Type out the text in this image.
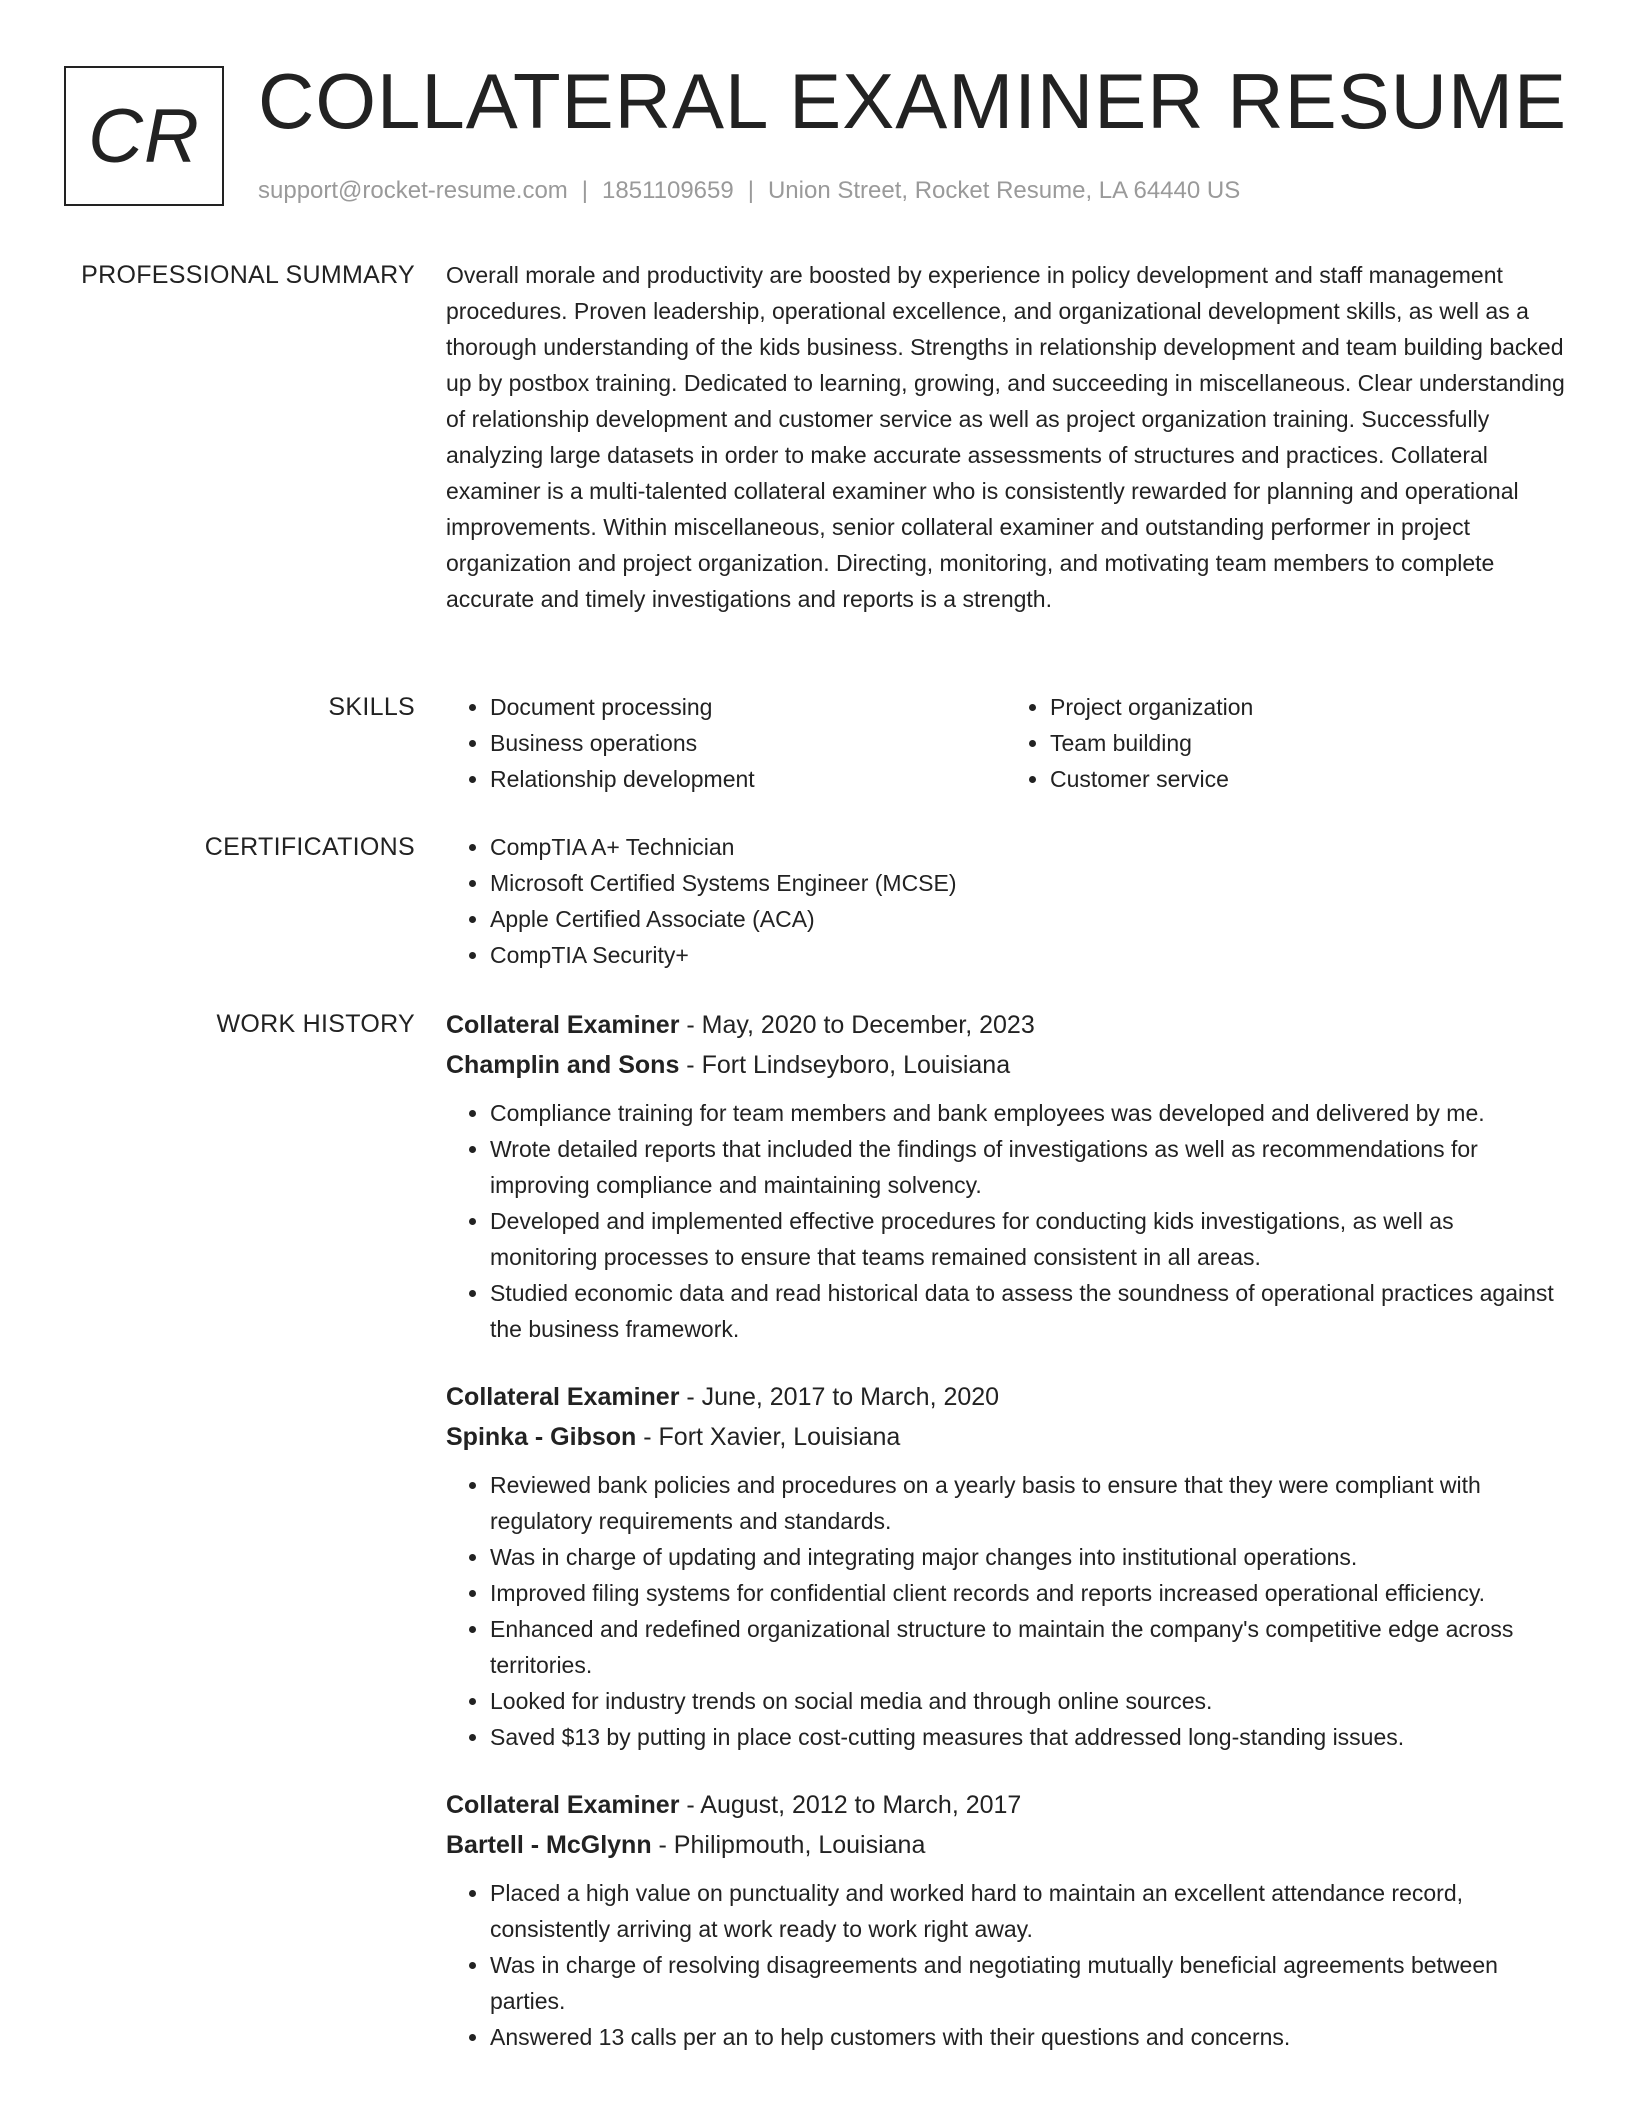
CR COLLATERAL EXAMINER RESUME
support@rocket-resume.com | 1851109659 | Union Street, Rocket Resume, LA 64440 US
PROFESSIONAL SUMMARY Overall morale and productivity are boosted by experience in policy development and staff management procedures. Proven leadership, operational excellence, and organizational development skills, as well as a thorough understanding of the kids business. Strengths in relationship development and team building backed up by postbox training. Dedicated to learning, growing, and succeeding in miscellaneous. Clear understanding of relationship development and customer service as well as project organization training. Successfully analyzing large datasets in order to make accurate assessments of structures and practices. Collateral examiner is a multi-talented collateral examiner who is consistently rewarded for planning and operational improvements. Within miscellaneous, senior collateral examiner and outstanding performer in project organization and project organization. Directing, monitoring, and motivating team members to complete accurate and timely investigations and reports is a strength.

SKILLS	• Document processing
• Business operations
• Relationship development
• Project organization
• Team building
• Customer service
CERTIFICATIONS	• CompTIA A+ Technician
• Microsoft Certified Systems Engineer (MCSE)
• Apple Certified Associate (ACA)
• CompTIA Security+
WORK HISTORY Collateral Examiner - May, 2020 to December, 2023
Champlin and Sons - Fort Lindseyboro, Louisiana
• Compliance training for team members and bank employees was developed and delivered by me.
• Wrote detailed reports that included the findings of investigations as well as recommendations for improving compliance and maintaining solvency.
• Developed and implemented effective procedures for conducting kids investigations, as well as monitoring processes to ensure that teams remained consistent in all areas.
• Studied economic data and read historical data to assess the soundness of operational practices against the business framework.
Collateral Examiner - June, 2017 to March, 2020
Spinka - Gibson - Fort Xavier, Louisiana
• Reviewed bank policies and procedures on a yearly basis to ensure that they were compliant with regulatory requirements and standards.
• Was in charge of updating and integrating major changes into institutional operations.
• Improved filing systems for confidential client records and reports increased operational efficiency.
• Enhanced and redefined organizational structure to maintain the company's competitive edge across territories.
• Looked for industry trends on social media and through online sources.
• Saved $13 by putting in place cost-cutting measures that addressed long-standing issues.
Collateral Examiner - August, 2012 to March, 2017
Bartell - McGlynn - Philipmouth, Louisiana
• Placed a high value on punctuality and worked hard to maintain an excellent attendance record, consistently arriving at work ready to work right away.
• Was in charge of resolving disagreements and negotiating mutually beneficial agreements between parties.
• Answered 13 calls per an to help customers with their questions and concerns.
